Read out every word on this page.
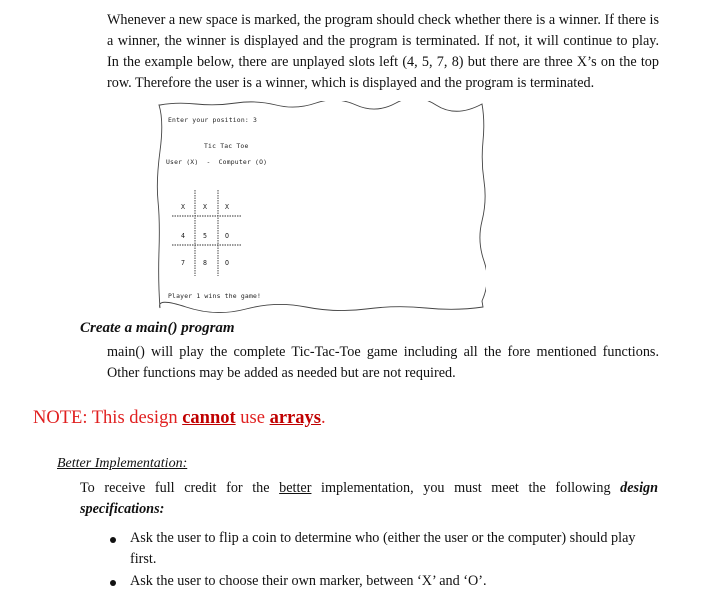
Whenever a new space is marked, the program should check whether there is a winner. If there is a winner, the winner is displayed and the program is terminated. If not, it will continue to play. In the example below, there are unplayed slots left (4, 5, 7, 8) but there are three X’s on the top row. Therefore the user is a winner, which is displayed and the program is terminated.
Enter your position: 3
Tic Tac Toe
User (X)  -  Computer (O)
X	X	X
4	5	O
7	8	O
Player 1 wins the game!
Create a main() program
main() will play the complete Tic-Tac-Toe game including all the fore mentioned functions. Other functions may be added as needed but are not required.
NOTE: This design cannot use arrays.
Better Implementation:
To receive full credit for the better implementation, you must meet the following design specifications:
Ask the user to flip a coin to determine who (either the user or the computer) should play first.
Ask the user to choose their own marker, between ‘X’ and ‘O’.
